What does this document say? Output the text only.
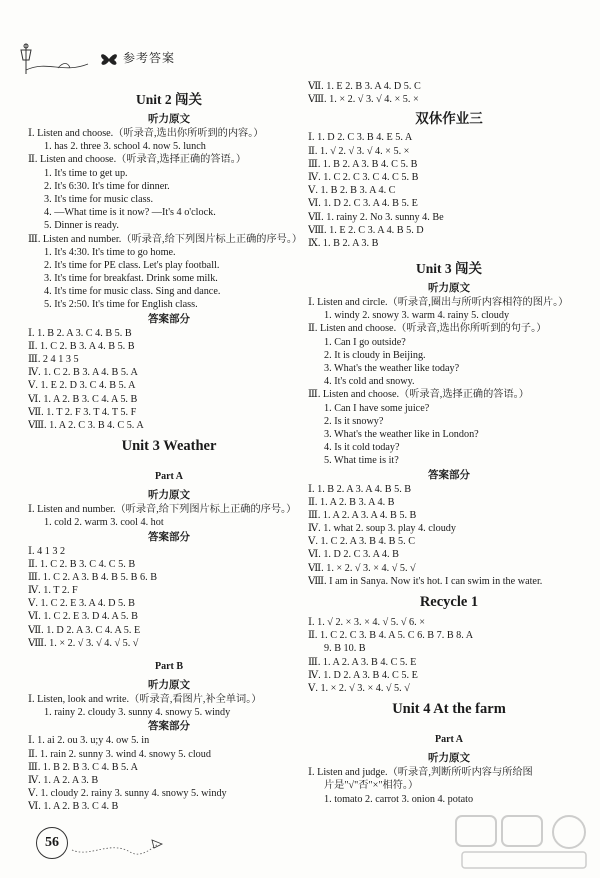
参考答案
Unit 2 闯关
听力原文
Ⅰ. Listen and choose.（听录音,选出你所听到的内容。）
1. has 2. three 3. school 4. now 5. lunch
Ⅱ. Listen and choose.（听录音,选择正确的答语。）
1. It's time to get up.
2. It's 6:30. It's time for dinner.
3. It's time for music class.
4. —What time is it now? —It's 4 o'clock.
5. Dinner is ready.
Ⅲ. Listen and number.（听录音,给下列图片标上正确的序号。）
1. It's 4:30. It's time to go home.
2. It's time for PE class. Let's play football.
3. It's time for breakfast. Drink some milk.
4. It's time for music class. Sing and dance.
5. It's 2:50. It's time for English class.
答案部分
Ⅰ. 1. B 2. A 3. C 4. B 5. B
Ⅱ. 1. C 2. B 3. A 4. B 5. B
Ⅲ. 2 4 1 3 5
Ⅳ. 1. C 2. B 3. A 4. B 5. A
Ⅴ. 1. E 2. D 3. C 4. B 5. A
Ⅵ. 1. A 2. B 3. C 4. A 5. B
Ⅶ. 1. T 2. F 3. T 4. T 5. F
Ⅷ. 1. A 2. C 3. B 4. C 5. A
Unit 3 Weather
Part A
听力原文
Ⅰ. Listen and number.（听录音,给下列图片标上正确的序号。）
1. cold 2. warm 3. cool 4. hot
答案部分
Ⅰ. 4 1 3 2
Ⅱ. 1. C 2. B 3. C 4. C 5. B
Ⅲ. 1. C 2. A 3. B 4. B 5. B 6. B
Ⅳ. 1. T 2. F
Ⅴ. 1. C 2. E 3. A 4. D 5. B
Ⅵ. 1. C 2. E 3. D 4. A 5. B
Ⅶ. 1. D 2. A 3. C 4. A 5. E
Ⅷ. 1. × 2. √ 3. √ 4. √ 5. √
Part B
听力原文
Ⅰ. Listen, look and write.（听录音,看图片,补全单词。）
1. rainy 2. cloudy 3. sunny 4. snowy 5. windy
答案部分
Ⅰ. 1. ai 2. ou 3. u;y 4. ow 5. in
Ⅱ. 1. rain 2. sunny 3. wind 4. snowy 5. cloud
Ⅲ. 1. B 2. B 3. C 4. B 5. A
Ⅳ. 1. A 2. A 3. B
Ⅴ. 1. cloudy 2. rainy 3. sunny 4. snowy 5. windy
Ⅵ. 1. A 2. B 3. C 4. B
Ⅶ. 1. E 2. B 3. A 4. D 5. C
Ⅷ. 1. × 2. √ 3. √ 4. × 5. ×
双休作业三
Ⅰ. 1. D 2. C 3. B 4. E 5. A
Ⅱ. 1. √ 2. √ 3. √ 4. × 5. ×
Ⅲ. 1. B 2. A 3. B 4. C 5. B
Ⅳ. 1. C 2. C 3. C 4. C 5. B
Ⅴ. 1. B 2. B 3. A 4. C
Ⅵ. 1. D 2. C 3. A 4. B 5. E
Ⅶ. 1. rainy 2. No 3. sunny 4. Be
Ⅷ. 1. E 2. C 3. A 4. B 5. D
Ⅸ. 1. B 2. A 3. B
Unit 3 闯关
听力原文
Ⅰ. Listen and circle.（听录音,圈出与所听内容相符的图片。）
1. windy 2. snowy 3. warm 4. rainy 5. cloudy
Ⅱ. Listen and choose.（听录音,选出你所听到的句子。）
1. Can I go outside?
2. It is cloudy in Beijing.
3. What's the weather like today?
4. It's cold and snowy.
Ⅲ. Listen and choose.（听录音,选择正确的答语。）
1. Can I have some juice?
2. Is it snowy?
3. What's the weather like in London?
4. Is it cold today?
5. What time is it?
答案部分
Ⅰ. 1. B 2. A 3. A 4. B 5. B
Ⅱ. 1. A 2. B 3. A 4. B
Ⅲ. 1. A 2. A 3. A 4. B 5. B
Ⅳ. 1. what 2. soup 3. play 4. cloudy
Ⅴ. 1. C 2. A 3. B 4. B 5. C
Ⅵ. 1. D 2. C 3. A 4. B
Ⅶ. 1. × 2. √ 3. × 4. √ 5. √
Ⅷ. I am in Sanya. Now it's hot. I can swim in the water.
Recycle 1
Ⅰ. 1. √ 2. × 3. × 4. √ 5. √ 6. ×
Ⅱ. 1. C 2. C 3. B 4. A 5. C 6. B 7. B 8. A
9. B 10. B
Ⅲ. 1. A 2. A 3. B 4. C 5. E
Ⅳ. 1. D 2. A 3. B 4. C 5. E
Ⅴ. 1. × 2. √ 3. × 4. √ 5. √
Unit 4 At the farm
Part A
听力原文
Ⅰ. Listen and judge.（听录音,判断所听内容与所给图
片是"√"否"×"相符。）
1. tomato 2. carrot 3. onion 4. potato
56
